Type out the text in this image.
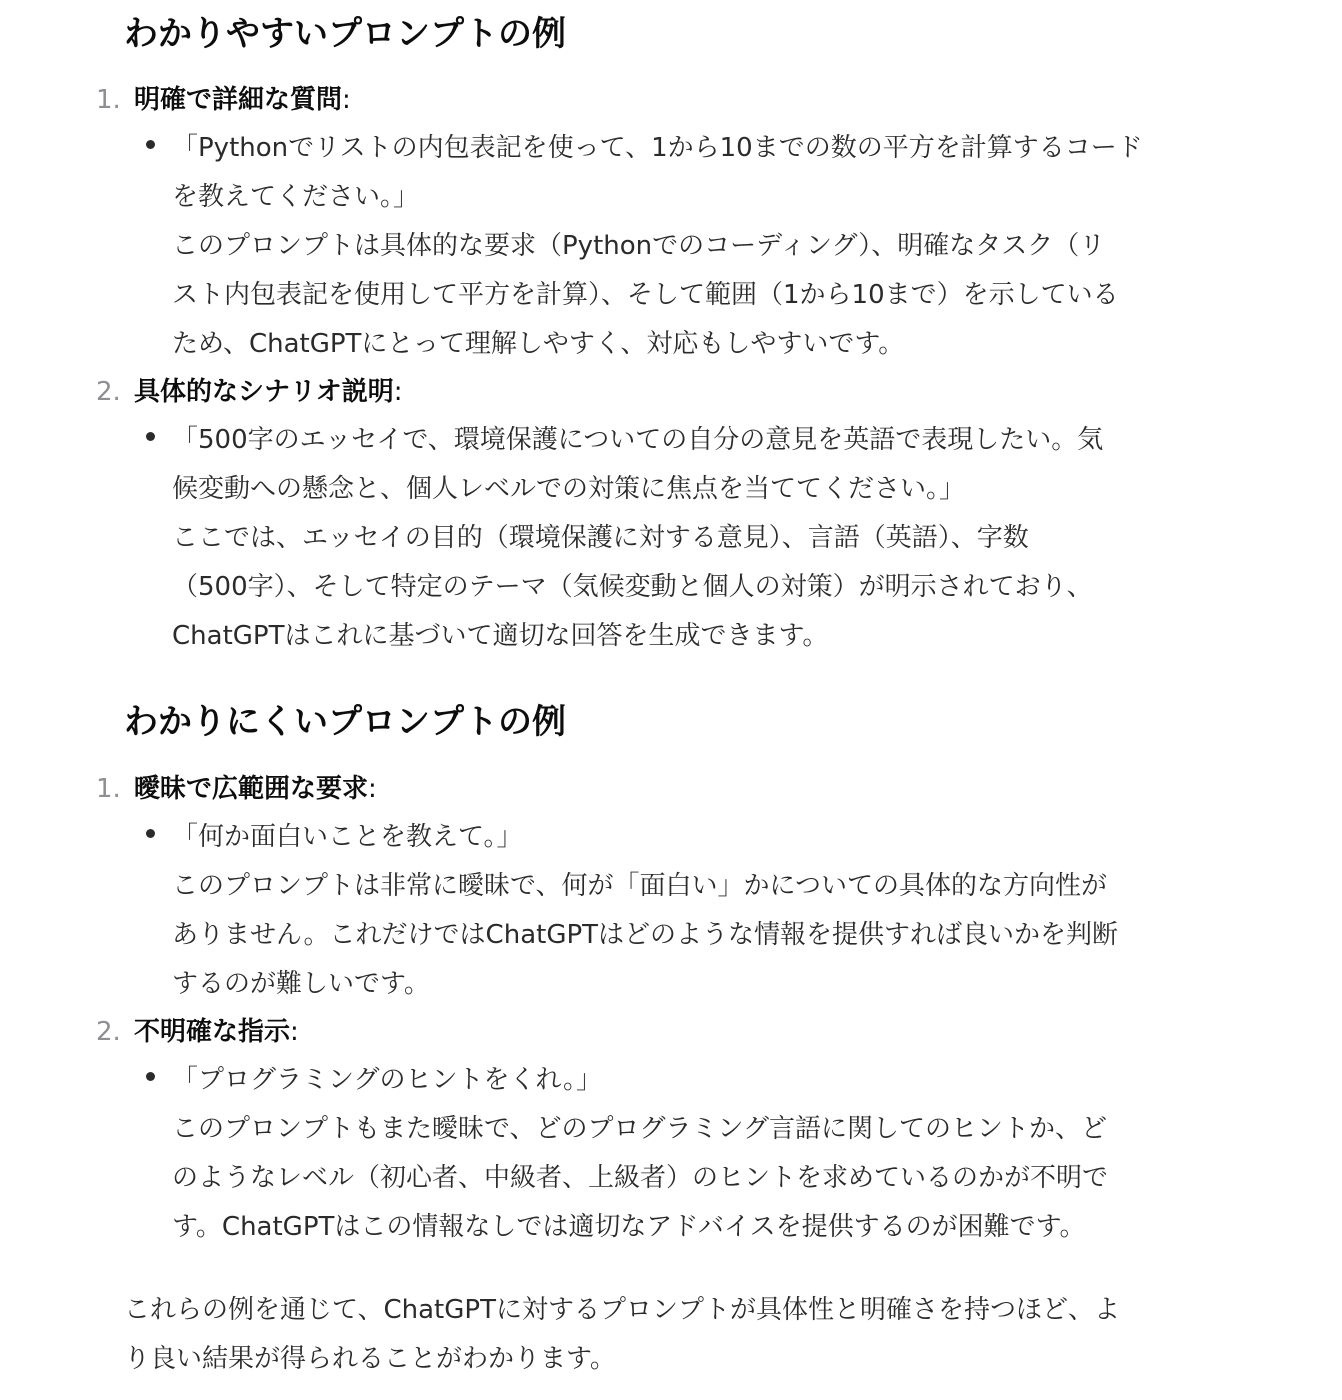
わかりやすいプロンプトの例
1. 明確で詳細な質問:
「Pythonでリストの内包表記を使って、1から10までの数の平方を計算するコード
を教えてください。」
このプロンプトは具体的な要求（Pythonでのコーディング）、明確なタスク（リ
スト内包表記を使用して平方を計算）、そして範囲（1から10まで）を示している
ため、ChatGPTにとって理解しやすく、対応もしやすいです。
2. 具体的なシナリオ説明:
「500字のエッセイで、環境保護についての自分の意見を英語で表現したい。気
候変動への懸念と、個人レベルでの対策に焦点を当ててください。」
ここでは、エッセイの目的（環境保護に対する意見）、言語（英語）、字数
（500字）、そして特定のテーマ（気候変動と個人の対策）が明示されており、
ChatGPTはこれに基づいて適切な回答を生成できます。
わかりにくいプロンプトの例
1. 曖昧で広範囲な要求:
「何か面白いことを教えて。」
このプロンプトは非常に曖昧で、何が「面白い」かについての具体的な方向性が
ありません。これだけではChatGPTはどのような情報を提供すれば良いかを判断
するのが難しいです。
2. 不明確な指示:
「プログラミングのヒントをくれ。」
このプロンプトもまた曖昧で、どのプログラミング言語に関してのヒントか、ど
のようなレベル（初心者、中級者、上級者）のヒントを求めているのかが不明で
す。ChatGPTはこの情報なしでは適切なアドバイスを提供するのが困難です。
これらの例を通じて、ChatGPTに対するプロンプトが具体性と明確さを持つほど、よ
り良い結果が得られることがわかります。
